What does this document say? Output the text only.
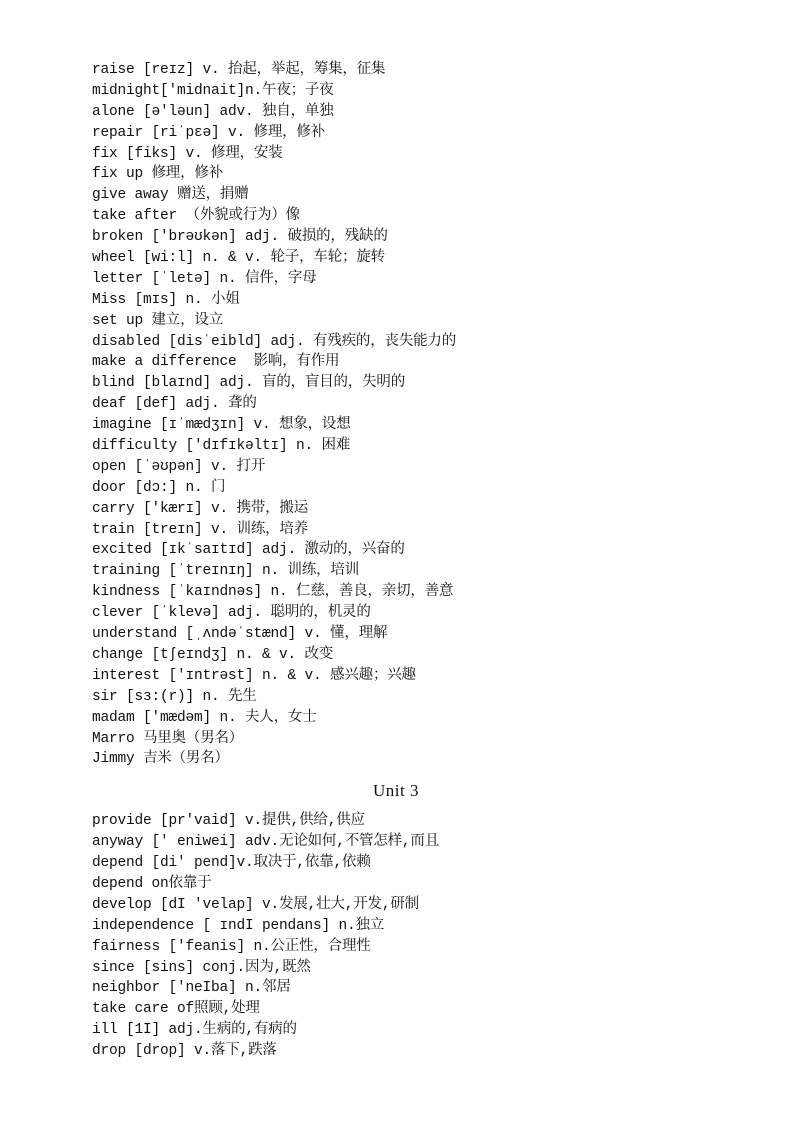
raise [reɪz] v. 抬起，举起，筹集，征集
midnight['midnait]n.午夜；子夜
alone [ə'ləun] adv. 独自，单独
repair [riˈpɛə] v. 修理，修补
fix [fiks] v. 修理，安装
fix up 修理，修补
give away 赠送，捐赠
take after （外貌或行为）像
broken ['brəʊkən] adj. 破损的，残缺的
wheel [wi:l] n. & v. 轮子，车轮；旋转
letter [ˈletə] n. 信件，字母
Miss [mɪs] n. 小姐
set up 建立，设立
disabled [disˈeibld] adj. 有残疾的，丧失能力的
make a difference  影响，有作用
blind [blaɪnd] adj. 盲的，盲目的，失明的
deaf [def] adj. 聋的
imagine [ɪˈmædʒɪn] v. 想象，设想
difficulty ['dɪfɪkəltɪ] n. 困难
open [ˈəʊpən] v. 打开
door [dɔ:] n. 门
carry ['kærɪ] v. 携带，搬运
train [treɪn] v. 训练，培养
excited [ɪkˈsaɪtɪd] adj. 激动的，兴奋的
training [ˈtreɪnɪŋ] n. 训练，培训
kindness [ˈkaɪndnəs] n. 仁慈，善良，亲切，善意
clever [ˈklevə] adj. 聪明的，机灵的
understand [ˌʌndəˈstænd] v. 懂，理解
change [tʃeɪndʒ] n. & v. 改变
interest ['ɪntrəst] n. & v. 感兴趣；兴趣
sir [sɜ:(r)] n. 先生
madam ['mædəm] n. 夫人，女士
Marro 马里奥（男名）
Jimmy 吉米（男名）
Unit 3
provide [pr'vaid] v.提供,供给,供应
anyway [' eniwei] adv.无论如何,不管怎样,而且
depend [di' pend]v.取决于,依靠,依赖
depend on依靠于
develop [dI 'velap] v.发展,壮大,开发,研制
independence [ ɪndI pendans] n.独立
fairness ['feanis] n.公正性，合理性
since [sins] conj.因为,既然
neighbor ['neIba] n.邻居
take care of照顾,处理
ill [1I] adj.生病的,有病的
drop [drop] v.落下,跌落
